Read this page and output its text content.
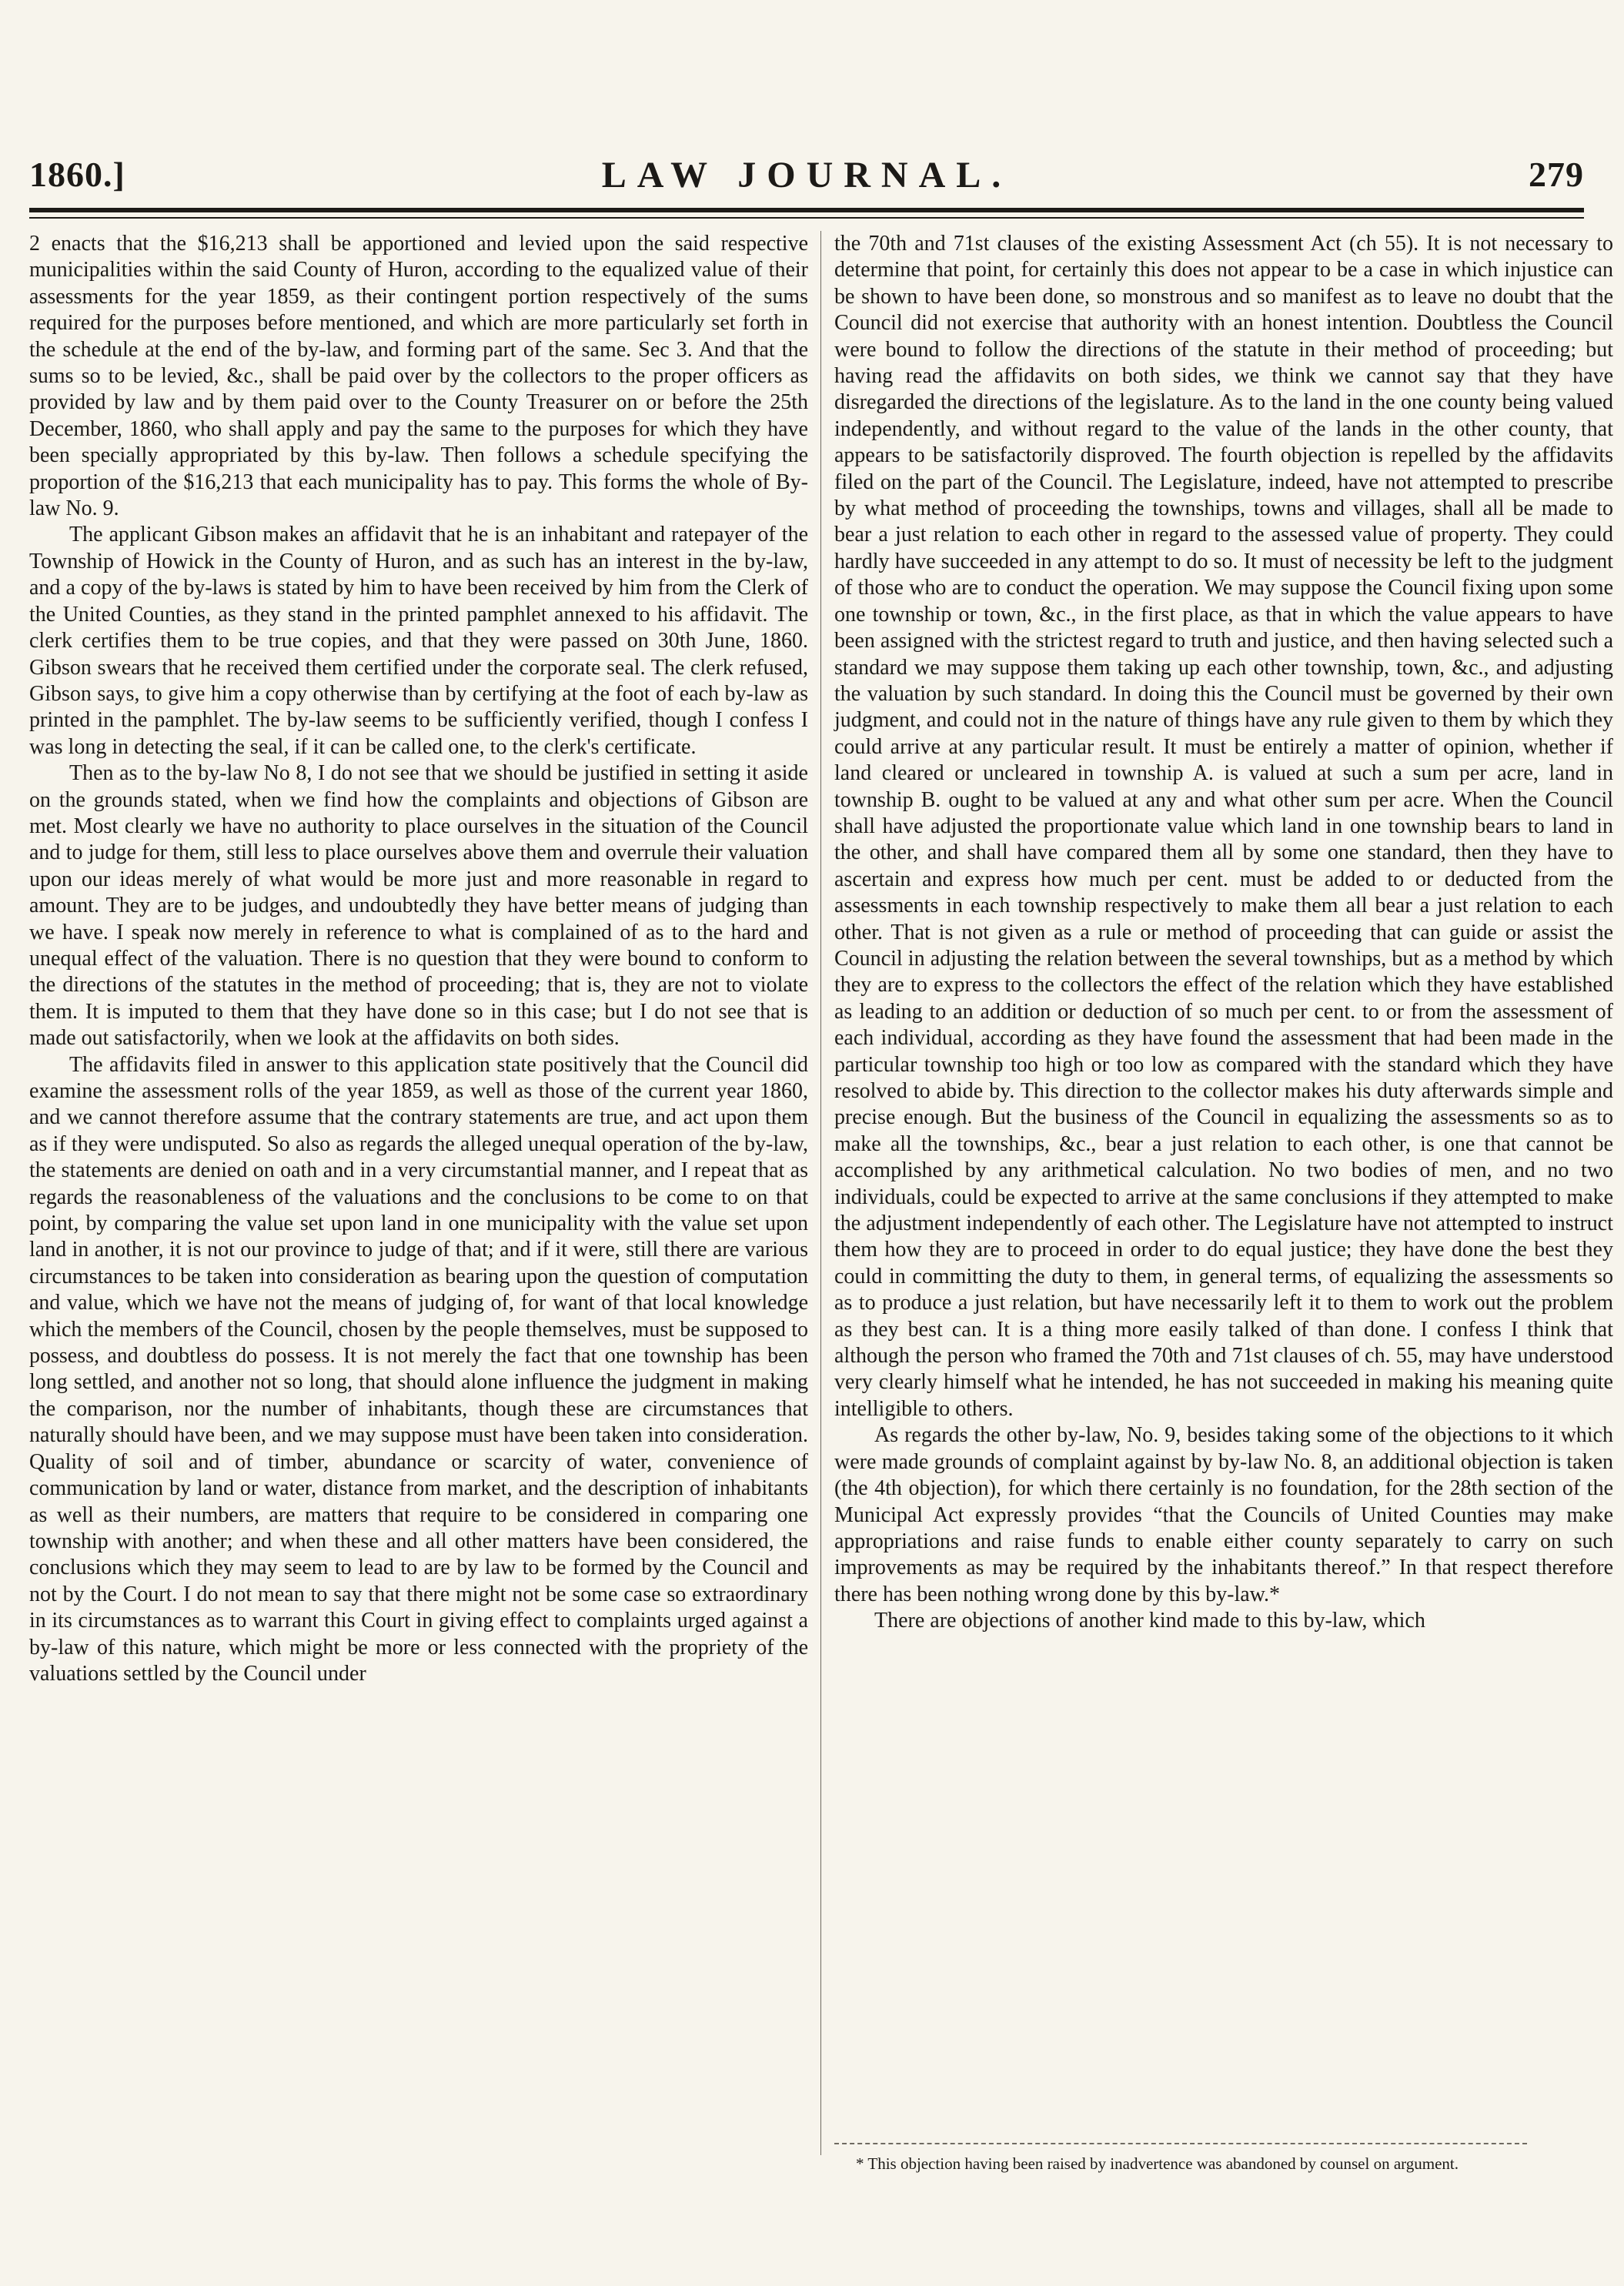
LAW JOURNAL.
1860.]	279

2 enacts that the $16,213 shall be apportioned and levied upon the said respective municipalities within the said County of Huron, according to the equalized value of their assessments for the year 1859, as their contingent portion respectively of the sums required for the purposes before mentioned, and which are more particularly set forth in the schedule at the end of the by-law, and forming part of the same. Sec 3. And that the sums so to be levied, &c., shall be paid over by the collectors to the proper officers as provided by law and by them paid over to the County Treasurer on or before the 25th December, 1860, who shall apply and pay the same to the purposes for which they have been specially appropriated by this by-law. Then follows a schedule specifying the proportion of the $16,213 that each municipality has to pay. This forms the whole of By-law No. 9.

The applicant Gibson makes an affidavit that he is an inhabitant and ratepayer of the Township of Howick in the County of Huron, and as such has an interest in the by-law, and a copy of the by-laws is stated by him to have been received by him from the Clerk of the United Counties, as they stand in the printed pamphlet annexed to his affidavit. The clerk certifies them to be true copies, and that they were passed on 30th June, 1860. Gibson swears that he received them certified under the corporate seal. The clerk refused, Gibson says, to give him a copy otherwise than by certifying at the foot of each by-law as printed in the pamphlet. The by-law seems to be sufficiently verified, though I confess I was long in detecting the seal, if it can be called one, to the clerk's certificate.

Then as to the by-law No 8, I do not see that we should be justified in setting it aside on the grounds stated, when we find how the complaints and objections of Gibson are met. Most clearly we have no authority to place ourselves in the situation of the Council and to judge for them, still less to place ourselves above them and overrule their valuation upon our ideas merely of what would be more just and more reasonable in regard to amount. They are to be judges, and undoubtedly they have better means of judging than we have. I speak now merely in reference to what is complained of as to the hard and unequal effect of the valuation. There is no question that they were bound to conform to the directions of the statutes in the method of proceeding; that is, they are not to violate them. It is imputed to them that they have done so in this case; but I do not see that is made out satisfactorily, when we look at the affidavits on both sides.

The affidavits filed in answer to this application state positively that the Council did examine the assessment rolls of the year 1859, as well as those of the current year 1860, and we cannot therefore assume that the contrary statements are true, and act upon them as if they were undisputed. So also as regards the alleged unequal operation of the by-law, the statements are denied on oath and in a very circumstantial manner, and I repeat that as regards the reasonableness of the valuations and the conclusions to be come to on that point, by comparing the value set upon land in one municipality with the value set upon land in another, it is not our province to judge of that; and if it were, still there are various circumstances to be taken into consideration as bearing upon the question of computation and value, which we have not the means of judging of, for want of that local knowledge which the members of the Council, chosen by the people themselves, must be supposed to possess, and doubtless do possess. It is not merely the fact that one township has been long settled, and another not so long, that should alone influence the judgment in making the comparison, nor the number of inhabitants, though these are circumstances that naturally should have been, and we may suppose must have been taken into consideration. Quality of soil and of timber, abundance or scarcity of water, convenience of communication by land or water, distance from market, and the description of inhabitants as well as their numbers, are matters that require to be considered in comparing one township with another; and when these and all other matters have been considered, the conclusions which they may seem to lead to are by law to be formed by the Council and not by the Court. I do not mean to say that there might not be some case so extraordinary in its circumstances as to warrant this Court in giving effect to complaints urged against a by-law of this nature, which might be more or less connected with the propriety of the valuations settled by the Council under

the 70th and 71st clauses of the existing Assessment Act (ch 55). It is not necessary to determine that point, for certainly this does not appear to be a case in which injustice can be shown to have been done, so monstrous and so manifest as to leave no doubt that the Council did not exercise that authority with an honest intention. Doubtless the Council were bound to follow the directions of the statute in their method of proceeding; but having read the affidavits on both sides, we think we cannot say that they have disregarded the directions of the legislature. As to the land in the one county being valued independently, and without regard to the value of the lands in the other county, that appears to be satisfactorily disproved. The fourth objection is repelled by the affidavits filed on the part of the Council. The Legislature, indeed, have not attempted to prescribe by what method of proceeding the townships, towns and villages, shall all be made to bear a just relation to each other in regard to the assessed value of property. They could hardly have succeeded in any attempt to do so. It must of necessity be left to the judgment of those who are to conduct the operation. We may suppose the Council fixing upon some one township or town, &c., in the first place, as that in which the value appears to have been assigned with the strictest regard to truth and justice, and then having selected such a standard we may suppose them taking up each other township, town, &c., and adjusting the valuation by such standard. In doing this the Council must be governed by their own judgment, and could not in the nature of things have any rule given to them by which they could arrive at any particular result. It must be entirely a matter of opinion, whether if land cleared or uncleared in township A. is valued at such a sum per acre, land in township B. ought to be valued at any and what other sum per acre. When the Council shall have adjusted the proportionate value which land in one township bears to land in the other, and shall have compared them all by some one standard, then they have to ascertain and express how much per cent. must be added to or deducted from the assessments in each township respectively to make them all bear a just relation to each other. That is not given as a rule or method of proceeding that can guide or assist the Council in adjusting the relation between the several townships, but as a method by which they are to express to the collectors the effect of the relation which they have established as leading to an addition or deduction of so much per cent. to or from the assessment of each individual, according as they have found the assessment that had been made in the particular township too high or too low as compared with the standard which they have resolved to abide by. This direction to the collector makes his duty afterwards simple and precise enough. But the business of the Council in equalizing the assessments so as to make all the townships, &c., bear a just relation to each other, is one that cannot be accomplished by any arithmetical calculation. No two bodies of men, and no two individuals, could be expected to arrive at the same conclusions if they attempted to make the adjustment independently of each other. The Legislature have not attempted to instruct them how they are to proceed in order to do equal justice; they have done the best they could in committing the duty to them, in general terms, of equalizing the assessments so as to produce a just relation, but have necessarily left it to them to work out the problem as they best can. It is a thing more easily talked of than done. I confess I think that although the person who framed the 70th and 71st clauses of ch. 55, may have understood very clearly himself what he intended, he has not succeeded in making his meaning quite intelligible to others.

As regards the other by-law, No. 9, besides taking some of the objections to it which were made grounds of complaint against by by-law No. 8, an additional objection is taken (the 4th objection), for which there certainly is no foundation, for the 28th section of the Municipal Act expressly provides “that the Councils of United Counties may make appropriations and raise funds to enable either county separately to carry on such improvements as may be required by the inhabitants thereof.” In that respect therefore there has been nothing wrong done by this by-law.*

There are objections of another kind made to this by-law, which

* This objection having been raised by inadvertence was abandoned by counsel on argument.
